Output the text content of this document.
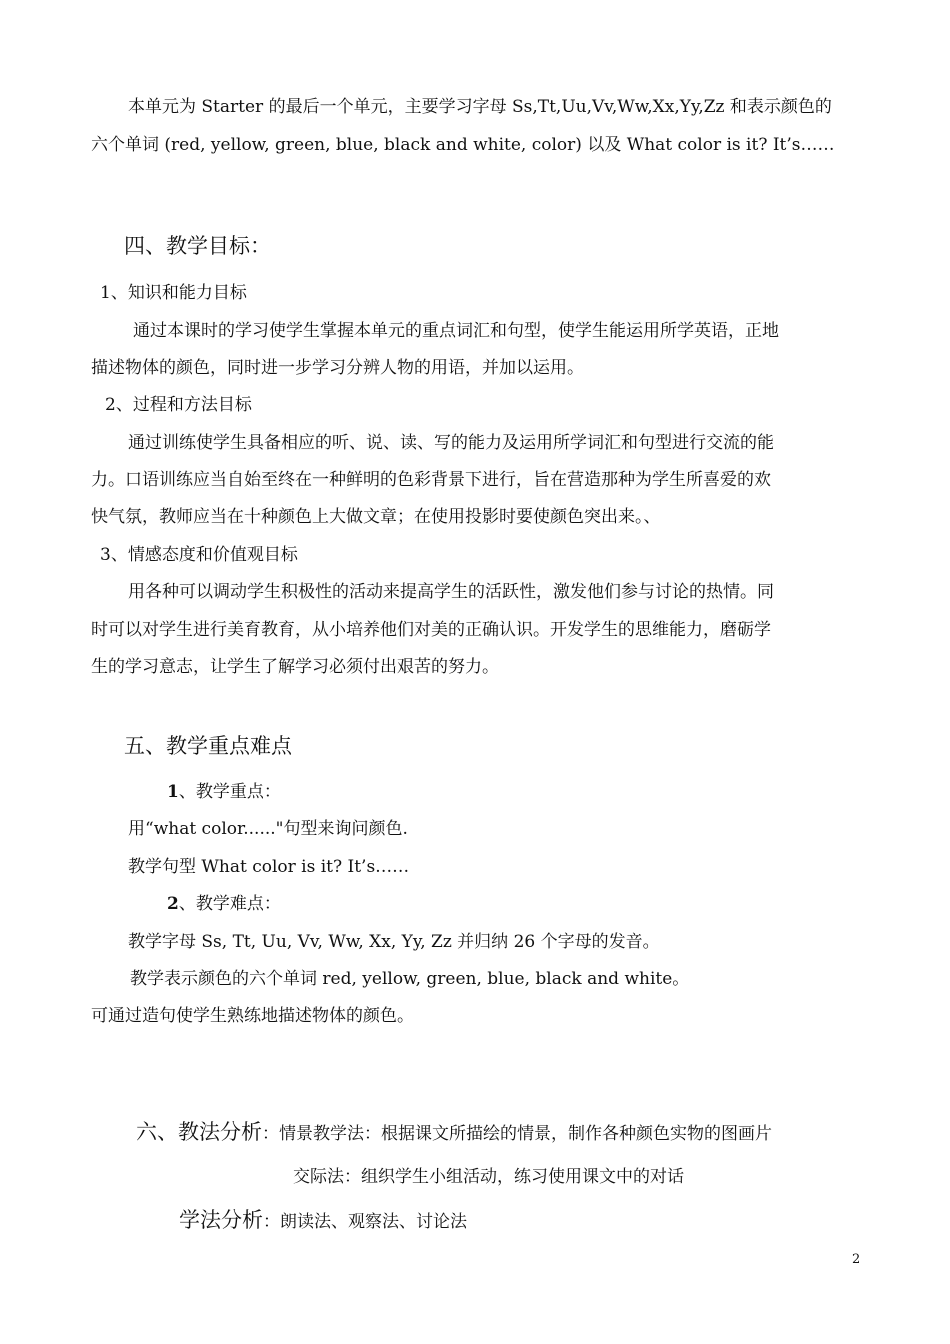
本单元为 Starter 的最后一个单元，主要学习字母 Ss,Tt,Uu,Vv,Ww,Xx,Yy,Zz 和表示颜色的
六个单词 (red, yellow, green, blue, black and white, color) 以及 What color is it? It’s……
四、教学目标：
1、知识和能力目标
通过本课时的学习使学生掌握本单元的重点词汇和句型，使学生能运用所学英语，正地
描述物体的颜色，同时进一步学习分辨人物的用语，并加以运用。
2、过程和方法目标
通过训练使学生具备相应的听、说、读、写的能力及运用所学词汇和句型进行交流的能
力。口语训练应当自始至终在一种鲜明的色彩背景下进行，旨在营造那种为学生所喜爱的欢
快气氛，教师应当在十种颜色上大做文章；在使用投影时要使颜色突出来。、
3、情感态度和价值观目标
用各种可以调动学生积极性的活动来提高学生的活跃性，激发他们参与讨论的热情。同
时可以对学生进行美育教育，从小培养他们对美的正确认识。开发学生的思维能力，磨砺学
生的学习意志，让学生了解学习必须付出艰苦的努力。
五、教学重点难点
1、教学重点：
用“what color......"句型来询问颜色.
教学句型 What color is it? It’s……
2、教学难点：
教学字母 Ss, Tt, Uu, Vv, Ww, Xx, Yy, Zz 并归纳 26 个字母的发音。
教学表示颜色的六个单词 red, yellow, green, blue, black and white。
可通过造句使学生熟练地描述物体的颜色。
六、教法分析：情景教学法：根据课文所描绘的情景，制作各种颜色实物的图画片
交际法：组织学生小组活动，练习使用课文中的对话
学法分析：朗读法、观察法、讨论法
2
